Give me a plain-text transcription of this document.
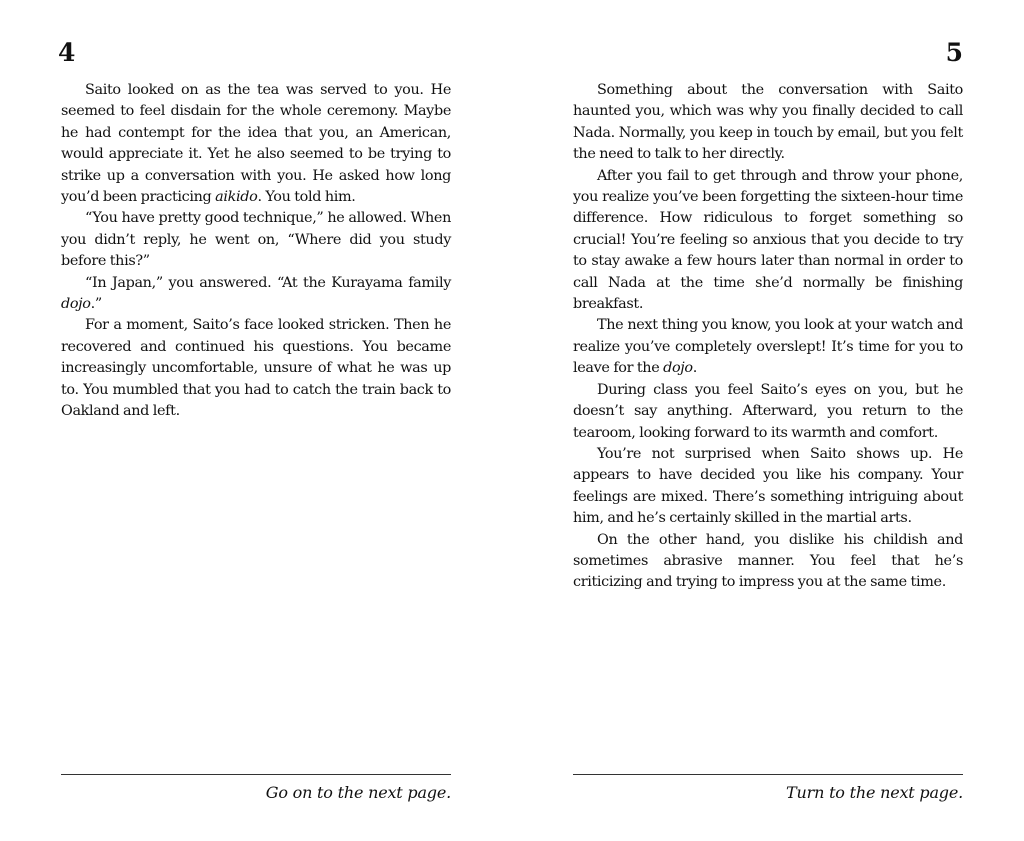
4

Saito looked on as the tea was served to you. He seemed to feel disdain for the whole ceremony. Maybe he had contempt for the idea that you, an American, would appreciate it. Yet he also seemed to be trying to strike up a conversation with you. He asked how long you’d been practicing aikido. You told him.

“You have pretty good technique,” he allowed. When you didn’t reply, he went on, “Where did you study before this?”

“In Japan,” you answered. “At the Kurayama family dojo.”

For a moment, Saito’s face looked stricken. Then he recovered and continued his questions. You became increasingly uncomfortable, unsure of what he was up to. You mumbled that you had to catch the train back to Oakland and left.

Go on to the next page.

5

Something about the conversation with Saito haunted you, which was why you finally decided to call Nada. Normally, you keep in touch by email, but you felt the need to talk to her directly.

After you fail to get through and throw your phone, you realize you’ve been forgetting the sixteen-hour time difference. How ridiculous to forget something so crucial! You’re feeling so anxious that you decide to try to stay awake a few hours later than normal in order to call Nada at the time she’d normally be finishing breakfast.

The next thing you know, you look at your watch and realize you’ve completely overslept! It’s time for you to leave for the dojo.

During class you feel Saito’s eyes on you, but he doesn’t say anything. Afterward, you return to the tearoom, looking forward to its warmth and comfort.

You’re not surprised when Saito shows up. He appears to have decided you like his company. Your feelings are mixed. There’s something intriguing about him, and he’s certainly skilled in the martial arts.

On the other hand, you dislike his childish and sometimes abrasive manner. You feel that he’s criticizing and trying to impress you at the same time.

Turn to the next page.
